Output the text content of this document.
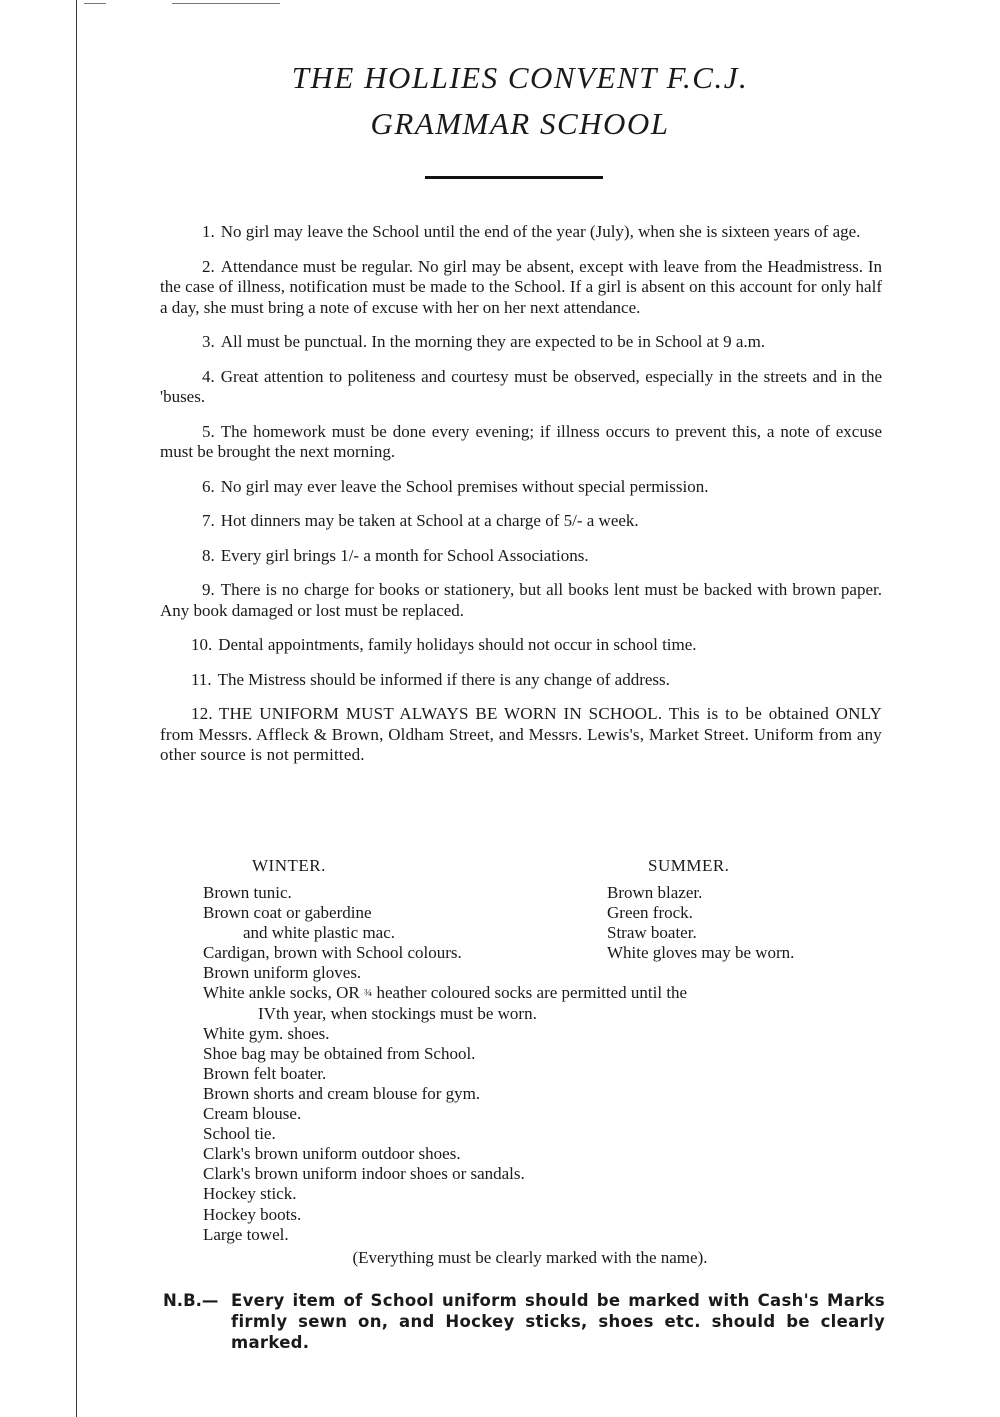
THE HOLLIES CONVENT F.C.J.
GRAMMAR SCHOOL

1. No girl may leave the School until the end of the year (July), when she is sixteen years of age.

2. Attendance must be regular. No girl may be absent, except with leave from the Headmistress. In the case of illness, notification must be made to the School. If a girl is absent on this account for only half a day, she must bring a note of excuse with her on her next attendance.

3. All must be punctual. In the morning they are expected to be in School at 9 a.m.

4. Great attention to politeness and courtesy must be observed, especially in the streets and in the 'buses.

5. The homework must be done every evening; if illness occurs to prevent this, a note of excuse must be brought the next morning.

6. No girl may ever leave the School premises without special permission.

7. Hot dinners may be taken at School at a charge of 5/- a week.

8. Every girl brings 1/- a month for School Associations.

9. There is no charge for books or stationery, but all books lent must be backed with brown paper. Any book damaged or lost must be replaced.

10. Dental appointments, family holidays should not occur in school time.

11. The Mistress should be informed if there is any change of address.

12. THE UNIFORM MUST ALWAYS BE WORN IN SCHOOL. This is to be obtained ONLY from Messrs. Affleck & Brown, Oldham Street, and Messrs. Lewis's, Market Street. Uniform from any other source is not permitted.

WINTER.	SUMMER.
Brown tunic.
Brown coat or gaberdine
and white plastic mac.
Cardigan, brown with School colours.
Brown uniform gloves.
White ankle socks, OR ¾ heather coloured socks are permitted until the
IVth year, when stockings must be worn.
White gym. shoes.
Shoe bag may be obtained from School.
Brown felt boater.
Brown shorts and cream blouse for gym.
Cream blouse.
School tie.
Clark's brown uniform outdoor shoes.
Clark's brown uniform indoor shoes or sandals.
Hockey stick.
Hockey boots.
Large towel.
Brown blazer.
Green frock.
Straw boater.
White gloves may be worn.
(Everything must be clearly marked with the name).
N.B.— Every item of School uniform should be marked with Cash's Marks firmly sewn on, and Hockey sticks, shoes etc. should be clearly marked.
